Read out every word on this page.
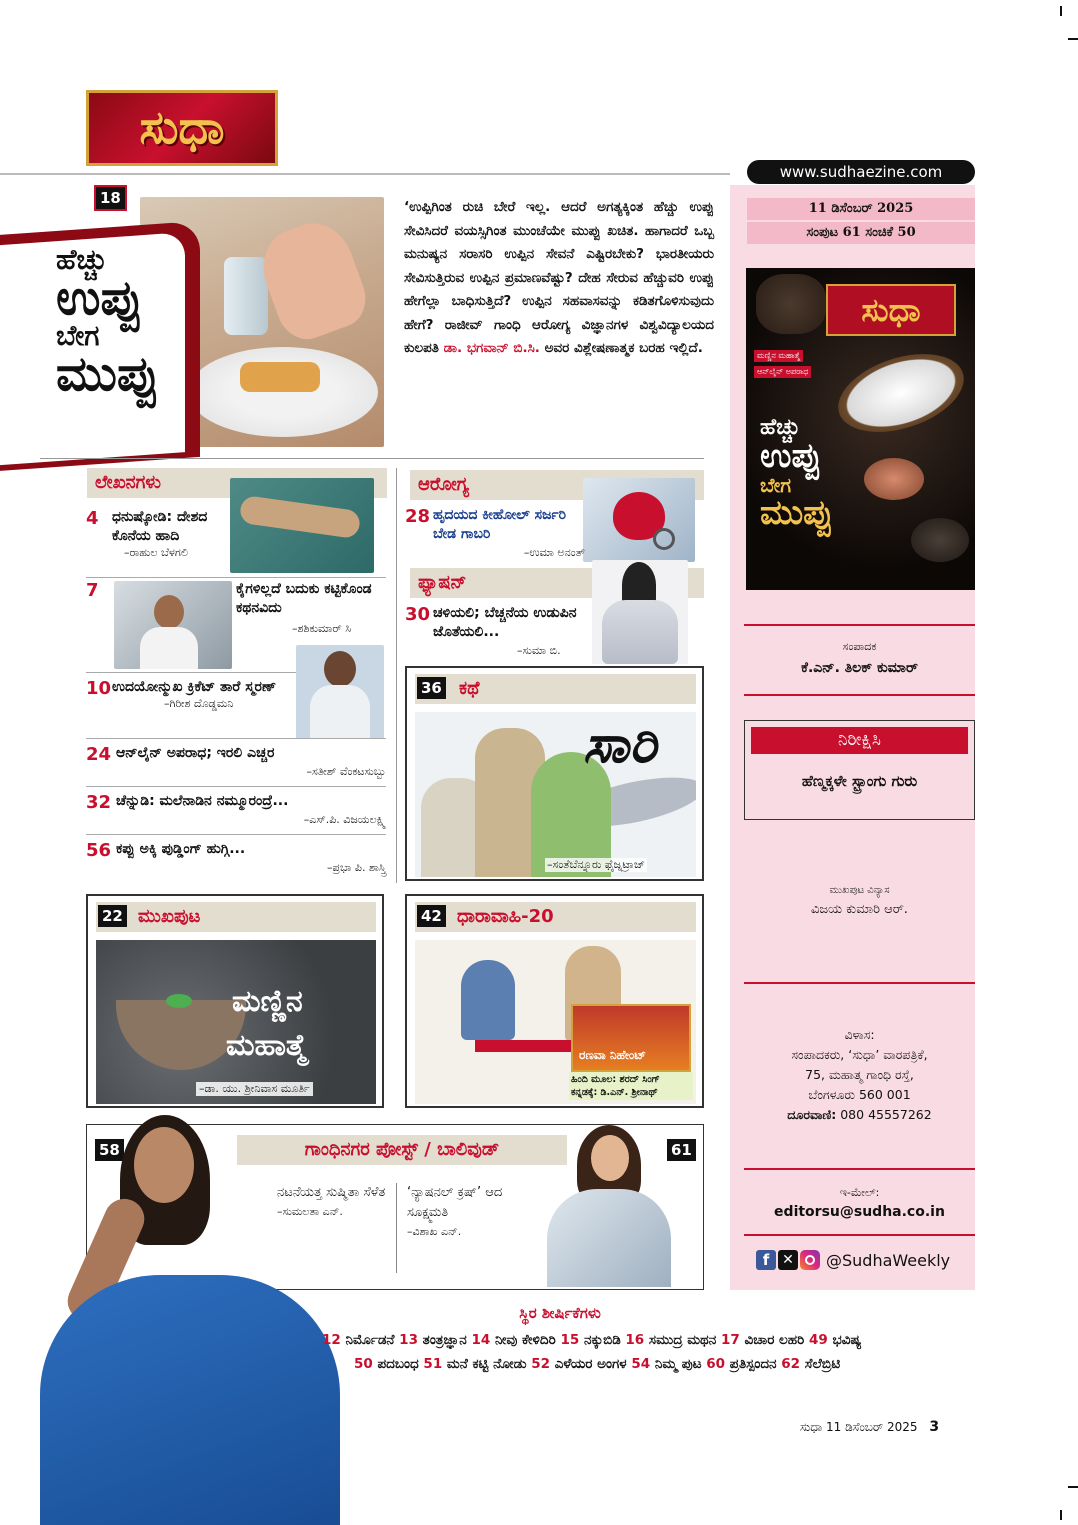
ಸುಧಾ
www.sudhaezine.com
11 ಡಿಸೆಂಬರ್ 2025
ಸಂಪುಟ 61 ಸಂಚಿಕೆ 50
ಸುಧಾ
ಮಣ್ಣಿನ ಮಹಾತ್ಮೆ
ಆನ್‌ಲೈನ್ ಅಪರಾಧ
ಹೆಚ್ಚು
ಉಪ್ಪು
ಬೇಗ
ಮುಪ್ಪು
ಸಂಪಾದಕ
ಕೆ.ಎನ್. ತಿಲಕ್ ಕುಮಾರ್
ನಿರೀಕ್ಷಿಸಿ
ಹೆಣ್ಮಕ್ಕಳೇ ಸ್ಟ್ರಾಂಗು ಗುರು
ಮುಖಪುಟ ವಿನ್ಯಾಸ
ವಿಜಯ ಕುಮಾರಿ ಆರ್.
ವಿಳಾಸ:
ಸಂಪಾದಕರು, ‘ಸುಧಾ’ ವಾರಪತ್ರಿಕೆ,
75, ಮಹಾತ್ಮ ಗಾಂಧಿ ರಸ್ತೆ,
ಬೆಂಗಳೂರು 560 001
ದೂರವಾಣಿ: 080 45557262
ಇ-ಮೇಲ್:
editorsu@sudha.co.in
f ✕ @SudhaWeekly
18
ಹೆಚ್ಚು
ಉಪ್ಪು
ಬೇಗ
ಮುಪ್ಪು
‘ಉಪ್ಪಿಗಿಂತ ರುಚಿ ಬೇರೆ ಇಲ್ಲ. ಆದರೆ ಅಗತ್ಯಕ್ಕಿಂತ ಹೆಚ್ಚು ಉಪ್ಪು ಸೇವಿಸಿದರೆ ವಯಸ್ಸಿಗಿಂತ ಮುಂಚೆಯೇ ಮುಪ್ಪು ಖಚಿತ. ಹಾಗಾದರೆ ಒಬ್ಬ ಮನುಷ್ಯನ ಸರಾಸರಿ ಉಪ್ಪಿನ ಸೇವನೆ ಎಷ್ಟಿರಬೇಕು? ಭಾರತೀಯರು ಸೇವಿಸುತ್ತಿರುವ ಉಪ್ಪಿನ ಪ್ರಮಾಣವೆಷ್ಟು? ದೇಹ ಸೇರುವ ಹೆಚ್ಚುವರಿ ಉಪ್ಪು ಹೇಗೆಲ್ಲಾ ಬಾಧಿಸುತ್ತಿದೆ? ಉಪ್ಪಿನ ಸಹವಾಸವನ್ನು ಕಡಿತಗೊಳಿಸುವುದು ಹೇಗೆ? ರಾಜೀವ್ ಗಾಂಧಿ ಆರೋಗ್ಯ ವಿಜ್ಞಾನಗಳ ವಿಶ್ವವಿದ್ಯಾಲಯದ ಕುಲಪತಿ ಡಾ. ಭಗವಾನ್ ಬಿ.ಸಿ. ಅವರ ವಿಶ್ಲೇಷಣಾತ್ಮಕ ಬರಹ ಇಲ್ಲಿದೆ.
ಲೇಖನಗಳು
4 ಧನುಷ್ಕೋಡಿ: ದೇಶದ ಕೊನೆಯ ಹಾದಿ
–ರಾಹುಲ ಬೆಳಗಲಿ
7	ಕೈಗಳಿಲ್ಲದೆ ಬದುಕು ಕಟ್ಟಿಕೊಂಡ ಕಥನವಿದು
–ಶಶಿಕುಮಾರ್ ಸಿ
10 ಉದಯೋನ್ಮುಖ ಕ್ರಿಕೆಟ್ ತಾರೆ ಸ್ಮರಣ್
–ಗಿರೀಶ ದೊಡ್ಡಮನಿ
24 ಆನ್‌ಲೈನ್ ಅಪರಾಧ; ಇರಲಿ ಎಚ್ಚರ
–ಸತೀಶ್ ವೆಂಕಟಸುಬ್ಬು
32 ಚೆನ್ನುಡಿ: ಮಲೆನಾಡಿನ ನಮ್ಮೂರಂದ್ರೆ...
–ಎಸ್.ಪಿ. ವಿಜಯಲಕ್ಷ್ಮಿ
56 ಕಪ್ಪು ಅಕ್ಕಿ ಪುಡ್ಡಿಂಗ್ ಹುಗ್ಗಿ...
–ಪ್ರಭಾ ಪಿ. ಶಾಸ್ತ್ರಿ
ಆರೋಗ್ಯ
28 ಹೃದಯದ ಕೀಹೋಲ್ ಸರ್ಜರಿ ಬೇಡ ಗಾಬರಿ
–ಉಮಾ ಅನಂತ್
ಫ್ಯಾಷನ್
30 ಚಳಿಯಲಿ; ಬೆಚ್ಚನೆಯ ಉಡುಪಿನ ಜೊತೆಯಲಿ...
–ಸುಮಾ ಬಿ.
36 ಕಥೆ
ಸಾರಿ
–ಸಂತೆಬೆನ್ನೂರು ಫೈಜ್ನಟ್ರಾಜ್
22 ಮುಖಪುಟ
ಮಣ್ಣಿನ
ಮಹಾತ್ಮೆ
–ಡಾ. ಯು. ಶ್ರೀನಿವಾಸ ಮೂರ್ತಿ
42 ಧಾರಾವಾಹಿ-20
ರಣವಾ ನಿಹೇಂಟ್
ಹಿಂದಿ ಮೂಲ: ಶರದ್ ಸಿಂಗ್
ಕನ್ನಡಕ್ಕೆ: ಡಿ.ಎನ್. ಶ್ರೀನಾಥ್
58	61
ಗಾಂಧಿನಗರ ಪೋಸ್ಟ್ / ಬಾಲಿವುಡ್
ನಟನೆಯತ್ತ ಸುಷ್ಮಿತಾ ಸೆಳೆತ
–ಸುಮಲತಾ ಎನ್.
‘ನ್ಯಾಷನಲ್ ಕ್ರಷ್’ ಆದ ಸೂಕ್ಷ್ಮಮತಿ
–ವಿಶಾಖ ಎನ್.
ಸ್ಥಿರ ಶೀರ್ಷಿಕೆಗಳು
12 ನಿರ್ಮೊಡನೆ 13 ತಂತ್ರಜ್ಞಾನ 14 ನೀವು ಕೇಳಿದಿರಿ 15 ನಕ್ಕುಬಿಡಿ 16 ಸಮುದ್ರ ಮಥನ 17 ವಿಚಾರ ಲಹರಿ 49 ಭವಿಷ್ಯ
50 ಪದಬಂಧ 51 ಮನೆ ಕಟ್ಟಿ ನೋಡು 52 ಎಳೆಯರ ಅಂಗಳ 54 ನಿಮ್ಮ ಪುಟ 60 ಪ್ರತಿಸ್ಪಂದನ 62 ಸೆಲೆಬ್ರಿಟಿ
ಸುಧಾ 11 ಡಿಸೆಂಬರ್ 2025 3
